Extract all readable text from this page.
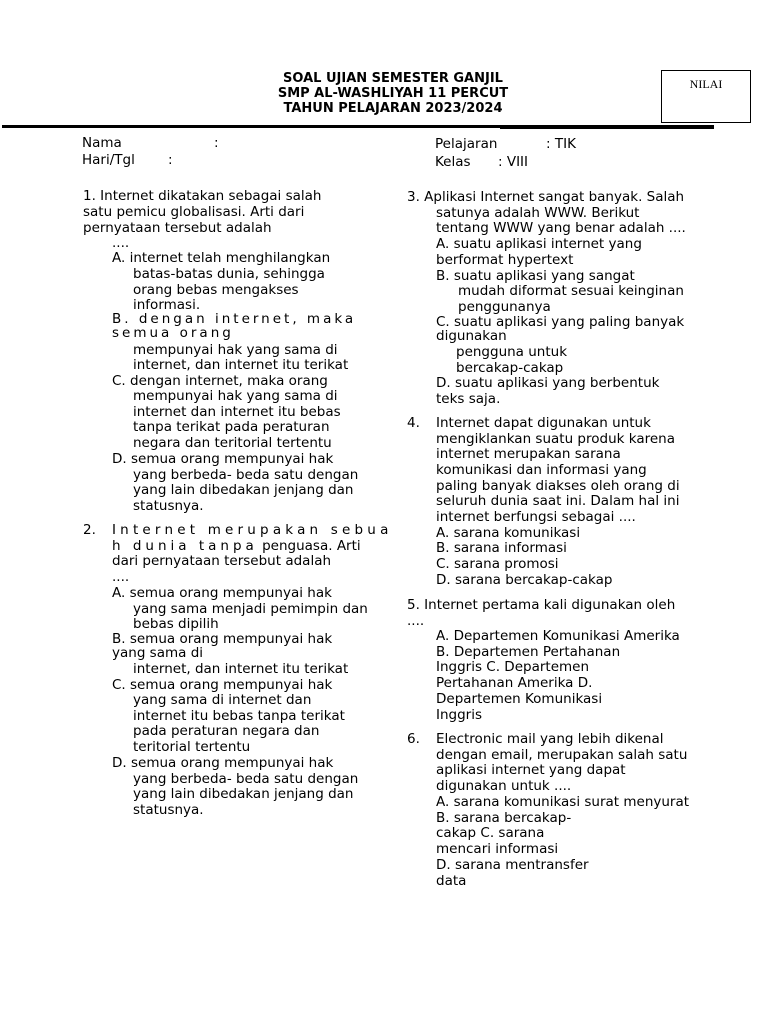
SOAL UJIAN SEMESTER GANJIL
SMP AL-WASHLIYAH 11 PERCUT
TAHUN PELAJARAN 2023/2024
NILAI
Nama	:
Hari/Tgl :
Pelajaran	: TIK
Kelas : VIII
1. Internet dikatakan sebagai salah
satu pemicu globalisasi. Arti dari
pernyataan tersebut adalah
....
A. internet telah menghilangkan
batas-batas dunia, sehingga
orang bebas mengakses
informasi.
B. dengan internet, maka
semua orang
mempunyai hak yang sama di
internet, dan internet itu terikat
C. dengan internet, maka orang
mempunyai hak yang sama di
internet dan internet itu bebas
tanpa terikat pada peraturan
negara dan teritorial tertentu
D. semua orang mempunyai hak
yang berbeda- beda satu dengan
yang lain dibedakan jenjang dan
statusnya.
2. Internet merupakan sebua
h dunia tanpa penguasa. Arti
dari pernyataan tersebut adalah
....
A. semua orang mempunyai hak
yang sama menjadi pemimpin dan
bebas dipilih
B. semua orang mempunyai hak
yang sama di
internet, dan internet itu terikat
C. semua orang mempunyai hak
yang sama di internet dan
internet itu bebas tanpa terikat
pada peraturan negara dan
teritorial tertentu
D. semua orang mempunyai hak
yang berbeda- beda satu dengan
yang lain dibedakan jenjang dan
statusnya.
3. Aplikasi Internet sangat banyak. Salah
satunya adalah WWW. Berikut
tentang WWW yang benar adalah ....
A. suatu aplikasi internet yang
berformat hypertext
B. suatu aplikasi yang sangat
mudah diformat sesuai keinginan
penggunanya
C. suatu aplikasi yang paling banyak
digunakan
pengguna untuk
bercakap-cakap
D. suatu aplikasi yang berbentuk
teks saja.
4. Internet dapat digunakan untuk
mengiklankan suatu produk karena
internet merupakan sarana
komunikasi dan informasi yang
paling banyak diakses oleh orang di
seluruh dunia saat ini. Dalam hal ini
internet berfungsi sebagai ....
A. sarana komunikasi
B. sarana informasi
C. sarana promosi
D. sarana bercakap-cakap
5. Internet pertama kali digunakan oleh
....
A. Departemen Komunikasi Amerika
B. Departemen Pertahanan
Inggris C. Departemen
Pertahanan Amerika D.
Departemen Komunikasi
Inggris
6. Electronic mail yang lebih dikenal
dengan email, merupakan salah satu
aplikasi internet yang dapat
digunakan untuk ....
A. sarana komunikasi surat menyurat
B. sarana bercakap-
cakap C. sarana
mencari informasi
D. sarana mentransfer
data
